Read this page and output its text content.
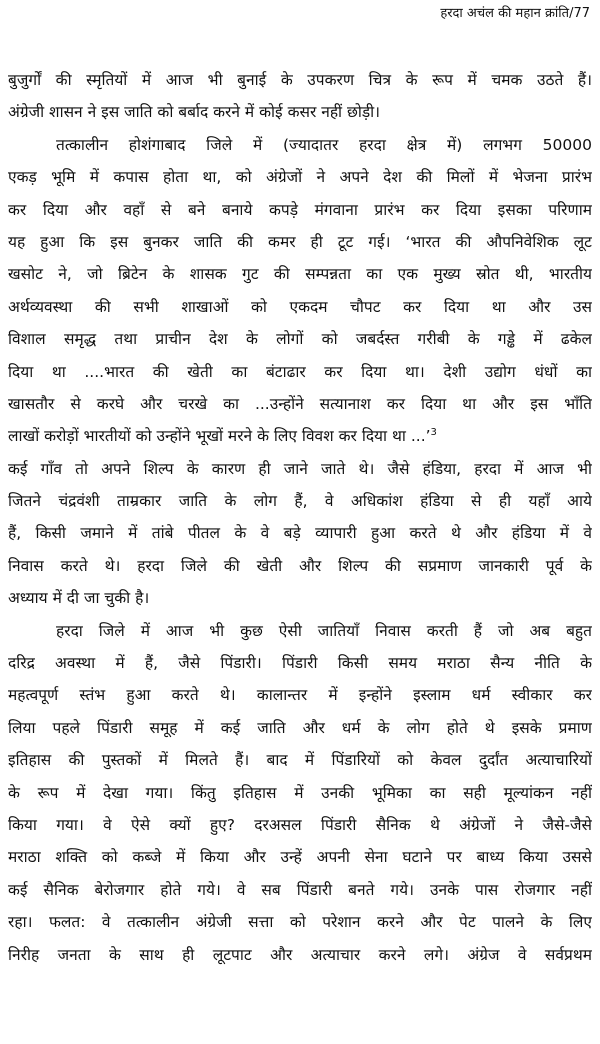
हरदा अचंल की महान क्रांति/77
बुजुर्गों की स्मृतियों में आज भी बुनाई के उपकरण चित्र के रूप में चमक उठते हैं।
अंग्रेजी शासन ने इस जाति को बर्बाद करने में कोई कसर नहीं छोड़ी।
तत्कालीन होशंगाबाद जिले में (ज्यादातर हरदा क्षेत्र में) लगभग 50000
एकड़ भूमि में कपास होता था, को अंग्रेजों ने अपने देश की मिलों में भेजना प्रारंभ
कर दिया और वहाँ से बने बनाये कपड़े मंगवाना प्रारंभ कर दिया इसका परिणाम
यह हुआ कि इस बुनकर जाति की कमर ही टूट गई। ‘भारत की औपनिवेशिक लूट
खसोट ने, जो ब्रिटेन के शासक गुट की सम्पन्नता का एक मुख्य स्रोत थी, भारतीय
अर्थव्यवस्था की सभी शाखाओं को एकदम चौपट कर दिया था और उस
विशाल समृद्ध तथा प्राचीन देश के लोगों को जबर्दस्त गरीबी के गड्ढे में ढकेल
दिया था ....भारत की खेती का बंटाढार कर दिया था। देशी उद्योग धंधों का
खासतौर से करघे और चरखे का ...उन्होंने सत्यानाश कर दिया था और इस भाँति
लाखों करोड़ों भारतीयों को उन्होंने भूखों मरने के लिए विवश कर दिया था ...’$^3$
कई गाँव तो अपने शिल्प के कारण ही जाने जाते थे। जैसे हंडिया, हरदा में आज भी
जितने चंद्रवंशी ताम्रकार जाति के लोग हैं, वे अधिकांश हंडिया से ही यहाँ आये
हैं, किसी जमाने में तांबे पीतल के वे बड़े व्यापारी हुआ करते थे और हंडिया में वे
निवास करते थे। हरदा जिले की खेती और शिल्प की सप्रमाण जानकारी पूर्व के
अध्याय में दी जा चुकी है।
हरदा जिले में आज भी कुछ ऐसी जातियाँ निवास करती हैं जो अब बहुत
दरिद्र अवस्था में हैं, जैसे पिंडारी। पिंडारी किसी समय मराठा सैन्य नीति के
महत्वपूर्ण स्तंभ हुआ करते थे। कालान्तर में इन्होंने इस्लाम धर्म स्वीकार कर
लिया पहले पिंडारी समूह में कई जाति और धर्म के लोग होते थे इसके प्रमाण
इतिहास की पुस्तकों में मिलते हैं। बाद में पिंडारियों को केवल दुर्दांत अत्याचारियों
के रूप में देखा गया। किंतु इतिहास में उनकी भूमिका का सही मूल्यांकन नहीं
किया गया। वे ऐसे क्यों हुए? दरअसल पिंडारी सैनिक थे अंग्रेजों ने जैसे-जैसे
मराठा शक्ति को कब्जे में किया और उन्हें अपनी सेना घटाने पर बाध्य किया उससे
कई सैनिक बेरोजगार होते गये। वे सब पिंडारी बनते गये। उनके पास रोजगार नहीं
रहा। फलत: वे तत्कालीन अंग्रेजी सत्ता को परेशान करने और पेट पालने के लिए
निरीह जनता के साथ ही लूटपाट और अत्याचार करने लगे। अंग्रेज वे सर्वप्रथम
